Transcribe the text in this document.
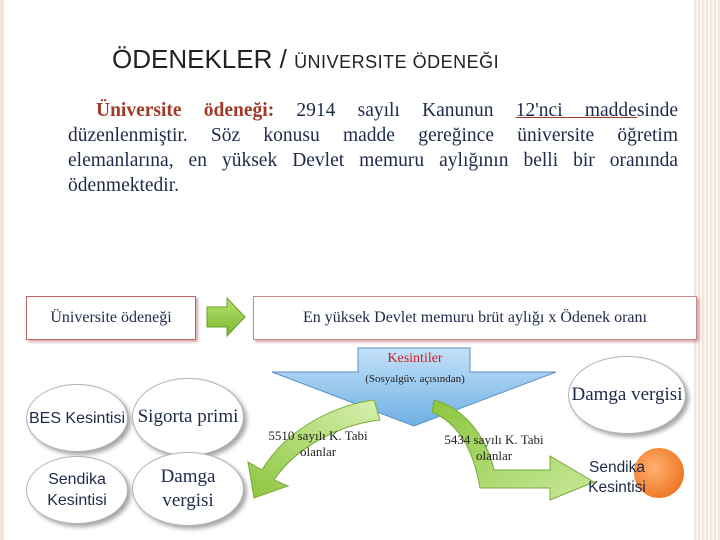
ÖDENEKLER / ÜNIVERSITE ÖDENEĞI
Üniversite ödeneği: 2914 sayılı Kanunun 12'nci maddesinde düzenlenmiştir. Söz konusu madde gereğince üniversite öğretim elemanlarına, en yüksek Devlet memuru aylığının belli bir oranında ödenmektedir.
Üniversite ödeneği	En yüksek Devlet memuru brüt aylığı x Ödenek oranı
Kesintiler
(Sosyalgüv. açısından)
5510 sayılı K. Tabi olanlar
5434 sayılı K. Tabi olanlar
BES Kesintisi
Sendika Kesintisi
Sigorta primi
Damga vergisi
Damga vergisi
Sendika Kesintisi
